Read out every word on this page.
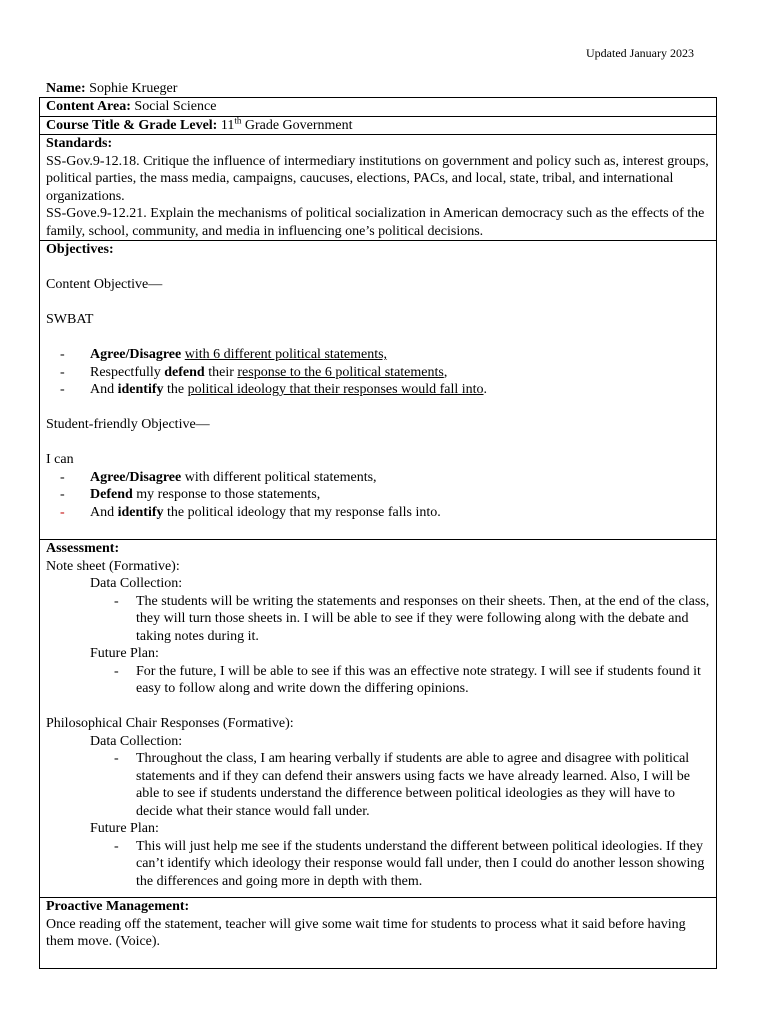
Updated January 2023
Name: Sophie Krueger
Content Area: Social Science
Course Title & Grade Level: 11th Grade Government

Standards:
SS-Gov.9-12.18. Critique the influence of intermediary institutions on government and policy such as, interest groups, political parties, the mass media, campaigns, caucuses, elections, PACs, and local, state, tribal, and international organizations.
SS-Gove.9-12.21. Explain the mechanisms of political socialization in American democracy such as the effects of the family, school, community, and media in influencing one’s political decisions.

Objectives:
Content Objective—
SWBAT
- Agree/Disagree with 6 different political statements,
- Respectfully defend their response to the 6 political statements,
- And identify the political ideology that their responses would fall into.
Student-friendly Objective—
I can
- Agree/Disagree with different political statements,
- Defend my response to those statements,
- And identify the political ideology that my response falls into.

Assessment:
Note sheet (Formative):
Data Collection:
- The students will be writing the statements and responses on their sheets. Then, at the end of the class, they will turn those sheets in. I will be able to see if they were following along with the debate and taking notes during it.
Future Plan:
- For the future, I will be able to see if this was an effective note strategy. I will see if students found it easy to follow along and write down the differing opinions.
Philosophical Chair Responses (Formative):
Data Collection:
- Throughout the class, I am hearing verbally if students are able to agree and disagree with political statements and if they can defend their answers using facts we have already learned. Also, I will be able to see if students understand the difference between political ideologies as they will have to decide what their stance would fall under.
Future Plan:
- This will just help me see if the students understand the different between political ideologies. If they can’t identify which ideology their response would fall under, then I could do another lesson showing the differences and going more in depth with them.

Proactive Management:
Once reading off the statement, teacher will give some wait time for students to process what it said before having them move. (Voice).
